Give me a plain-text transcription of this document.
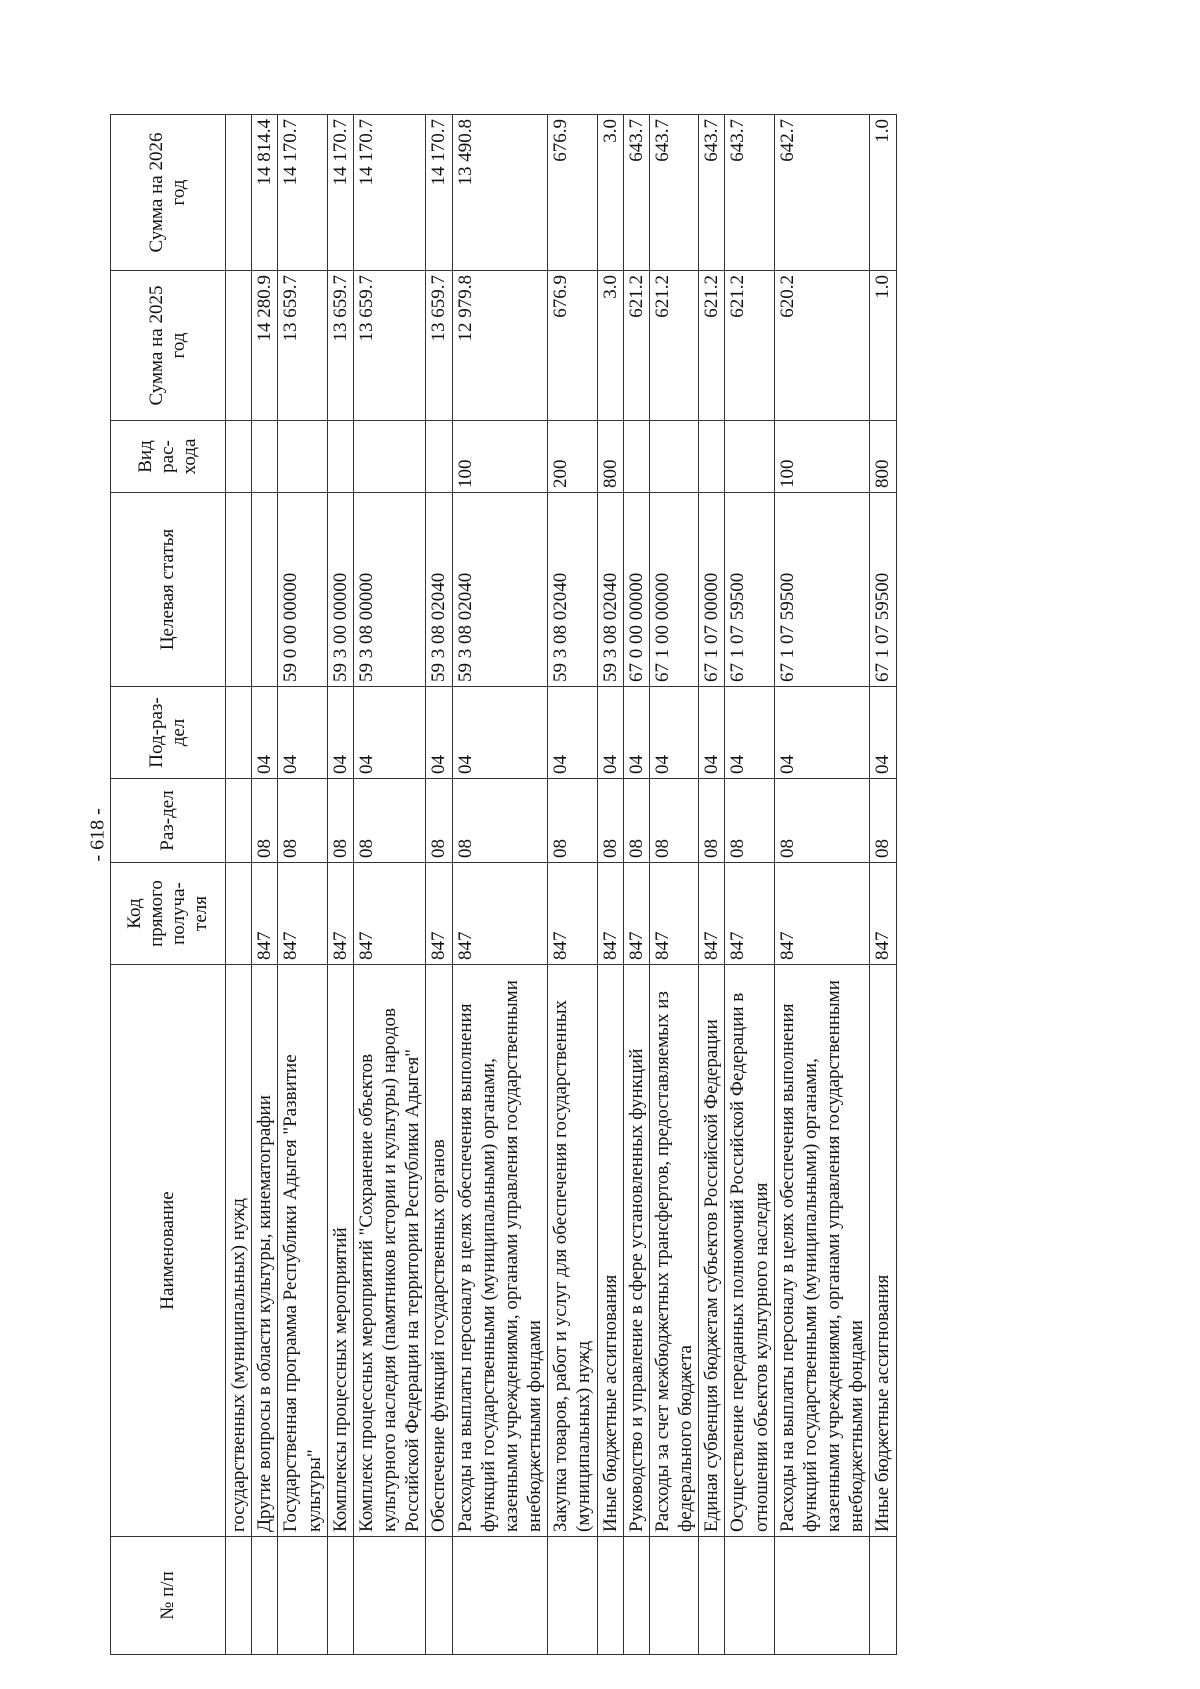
- 618 -
№ п/п	Наименование	Код прямого получа-теля	Раз-дел	Под-раз-дел	Целевая статья	Вид рас-хода	Сумма на 2025 год	Сумма на 2026 год
	государственных (муниципальных) нужд							
	Другие вопросы в области культуры, кинематографии	847	08	04			14 280.9	14 814.4
	Государственная программа Республики Адыгея "Развитие культуры"	847	08	04	59 0 00 00000		13 659.7	14 170.7
	Комплексы процессных мероприятий	847	08	04	59 3 00 00000		13 659.7	14 170.7
	Комплекс процессных мероприятий "Сохранение объектов культурного наследия (памятников истории и культуры) народов Российской Федерации на территории Республики Адыгея"	847	08	04	59 3 08 00000		13 659.7	14 170.7
	Обеспечение функций государственных органов	847	08	04	59 3 08 02040		13 659.7	14 170.7
	Расходы на выплаты персоналу в целях обеспечения выполнения функций государственными (муниципальными) органами, казенными учреждениями, органами управления государственными внебюджетными фондами	847	08	04	59 3 08 02040	100	12 979.8	13 490.8
	Закупка товаров, работ и услуг для обеспечения государственных (муниципальных) нужд	847	08	04	59 3 08 02040	200	676.9	676.9
	Иные бюджетные ассигнования	847	08	04	59 3 08 02040	800	3.0	3.0
	Руководство и управление в сфере установленных функций	847	08	04	67 0 00 00000		621.2	643.7
	Расходы за счет межбюджетных трансфертов, предоставляемых из федерального бюджета	847	08	04	67 1 00 00000		621.2	643.7
	Единая субвенция бюджетам субъектов Российской Федерации	847	08	04	67 1 07 00000		621.2	643.7
	Осуществление переданных полномочий Российской Федерации в отношении объектов культурного наследия	847	08	04	67 1 07 59500		621.2	643.7
	Расходы на выплаты персоналу в целях обеспечения выполнения функций государственными (муниципальными) органами, казенными учреждениями, органами управления государственными внебюджетными фондами	847	08	04	67 1 07 59500	100	620.2	642.7
	Иные бюджетные ассигнования	847	08	04	67 1 07 59500	800	1.0	1.0
